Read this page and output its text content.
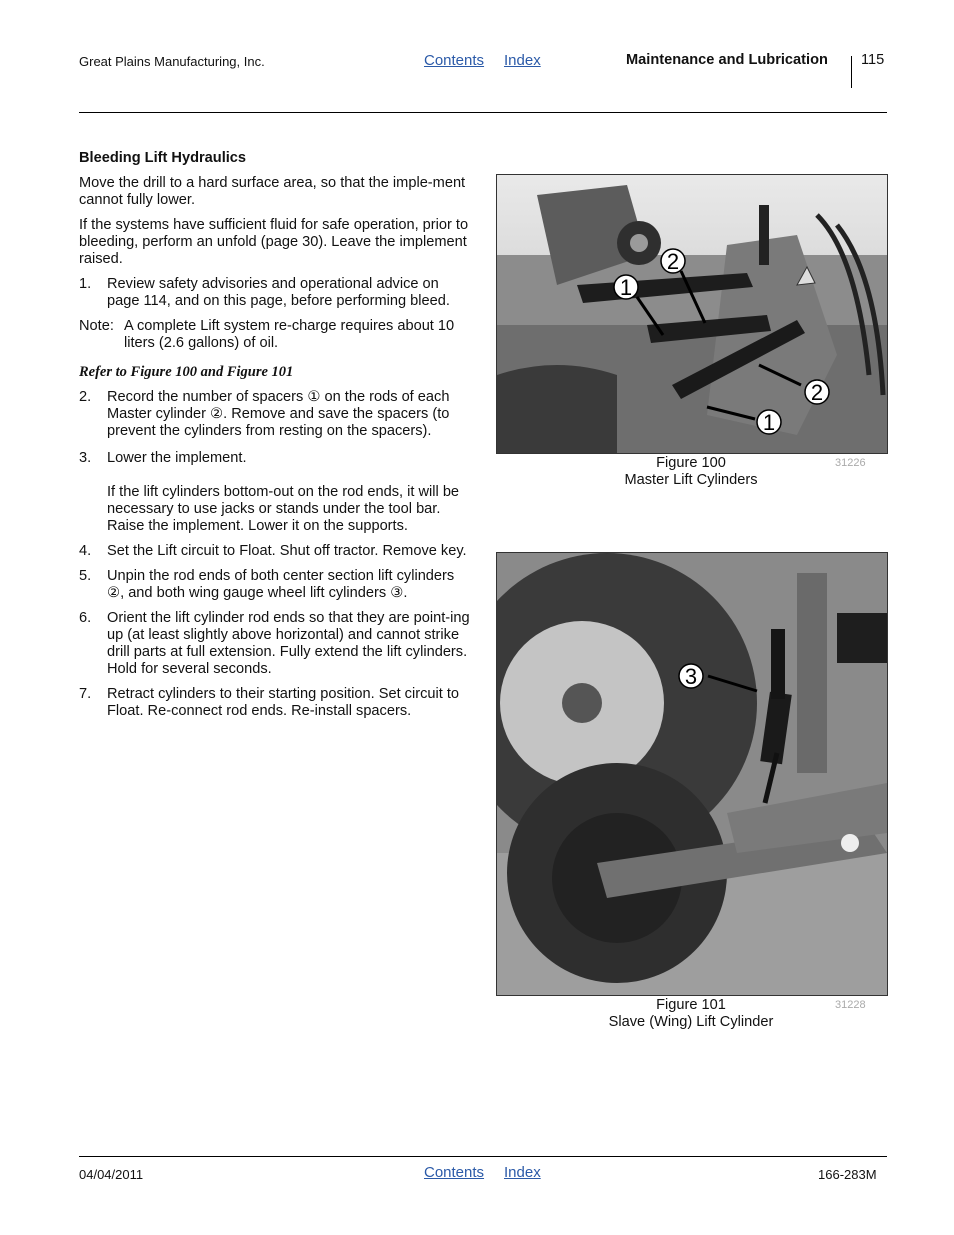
Great Plains Manufacturing, Inc.	Contents Index	Maintenance and Lubrication 115

Bleeding Lift Hydraulics

Move the drill to a hard surface area, so that the imple-ment cannot fully lower.

If the systems have sufficient fluid for safe operation, prior to bleeding, perform an unfold (page 30). Leave the implement raised.

1. Review safety advisories and operational advice on page 114, and on this page, before performing bleed.
Note: A complete Lift system re-charge requires about 10 liters (2.6 gallons) of oil.

Refer to Figure 100 and Figure 101

2. Record the number of spacers ① on the rods of each Master cylinder ②. Remove and save the spacers (to prevent the cylinders from resting on the spacers).
3. Lower the implement.
If the lift cylinders bottom-out on the rod ends, it will be necessary to use jacks or stands under the tool bar. Raise the implement. Lower it on the supports.
4. Set the Lift circuit to Float. Shut off tractor. Remove key.
5. Unpin the rod ends of both center section lift cylinders ②, and both wing gauge wheel lift cylinders ③.
6. Orient the lift cylinder rod ends so that they are point-ing up (at least slightly above horizontal) and cannot strike drill parts at full extension. Fully extend the lift cylinders. Hold for several seconds.
7. Retract cylinders to their starting position. Set circuit to Float. Re-connect rod ends. Re-install spacers.
2
1
2
1
Figure 100
Master Lift Cylinders
31226
3
Figure 101
Slave (Wing) Lift Cylinder
31228
04/04/2011	Contents Index	166-283M
